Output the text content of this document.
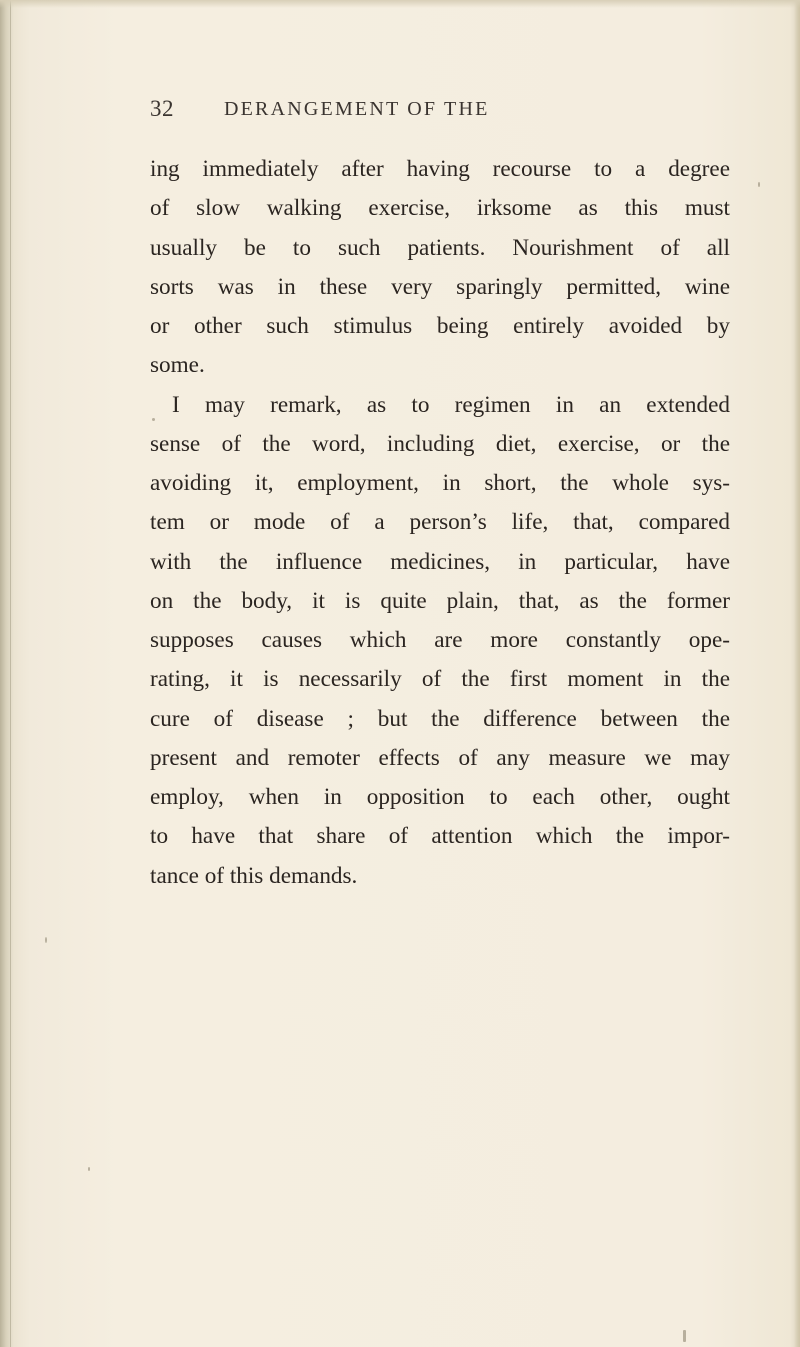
32	DERANGEMENT OF THE
ing immediately after having recourse to a degree
of slow walking exercise, irksome as this must
usually be to such patients. Nourishment of all
sorts was in these very sparingly permitted, wine
or other such stimulus being entirely avoided by
some.
I may remark, as to regimen in an extended
sense of the word, including diet, exercise, or the
avoiding it, employment, in short, the whole sys-
tem or mode of a person’s life, that, compared
with the influence medicines, in particular, have
on the body, it is quite plain, that, as the former
supposes causes which are more constantly ope-
rating, it is necessarily of the first moment in the
cure of disease ; but the difference between the
present and remoter effects of any measure we may
employ, when in opposition to each other, ought
to have that share of attention which the impor-
tance of this demands.
